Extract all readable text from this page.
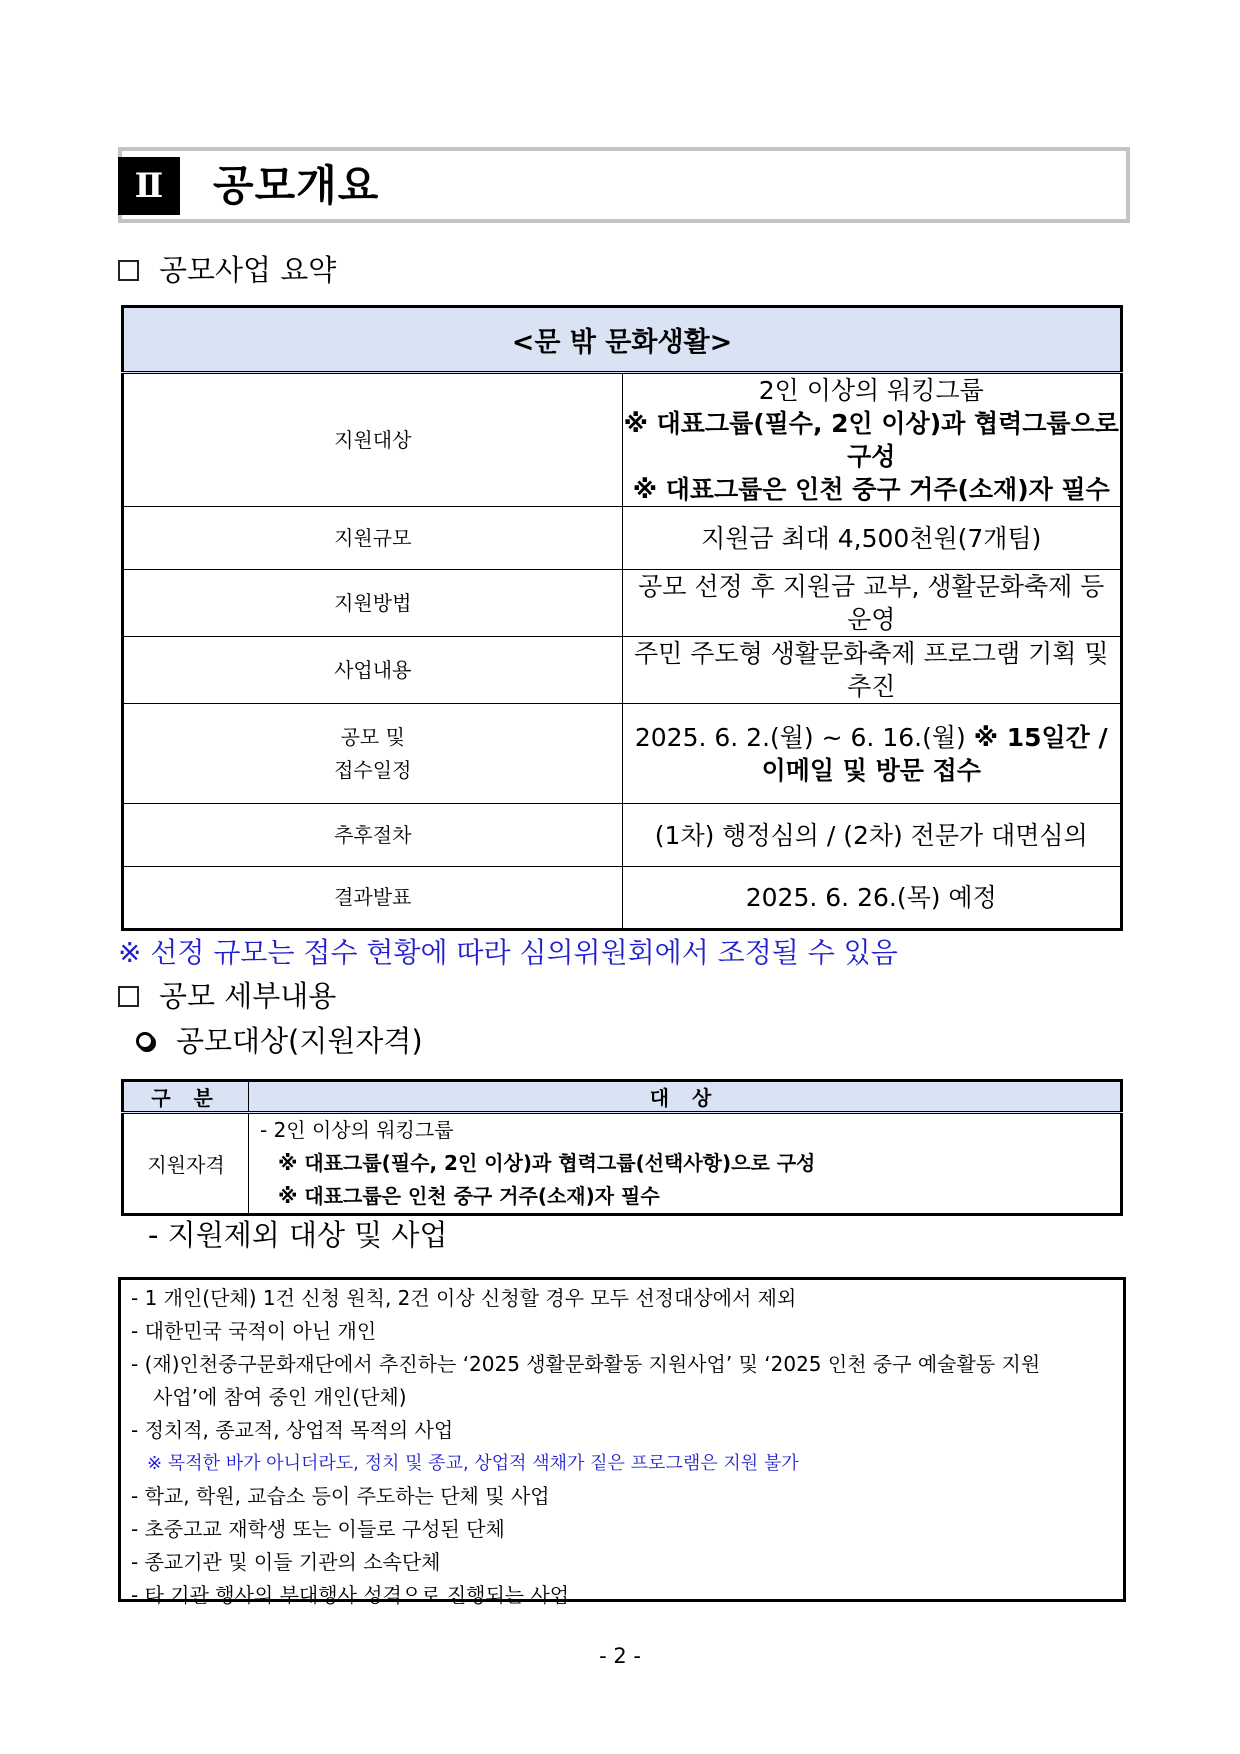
Ⅱ	공모개요
공모사업 요약
<문 밖 문화생활>	
지원대상	2인 이상의 워킹그룹
※ 대표그룹(필수, 2인 이상)과 협력그룹으로 구성
※ 대표그룹은 인천 중구 거주(소재)자 필수

지원규모	지원금 최대 4,500천원(7개팀)
지원방법	공모 선정 후 지원금 교부, 생활문화축제 등 운영
사업내용	주민 주도형 생활문화축제 프로그램 기획 및 추진

공모 및
접수일정	2025. 6. 2.(월) ~ 6. 16.(월) ※ 15일간 / 이메일 및 방문 접수
추후절차	(1차) 행정심의 / (2차) 전문가 대면심의
결과발표	2025. 6. 26.(목) 예정
※ 선정 규모는 접수 현황에 따라 심의위원회에서 조정될 수 있음
공모 세부내용
공모대상(지원자격)
구 분	대 상
지원자격	- 2인 이상의 워킹그룹
※ 대표그룹(필수, 2인 이상)과 협력그룹(선택사항)으로 구성
※ 대표그룹은 인천 중구 거주(소재)자 필수
- 지원제외 대상 및 사업
- 1 개인(단체) 1건 신청 원칙, 2건 이상 신청할 경우 모두 선정대상에서 제외
- 대한민국 국적이 아닌 개인
- (재)인천중구문화재단에서 추진하는 ‘2025 생활문화활동 지원사업’ 및 ‘2025 인천 중구 예술활동 지원
사업’에 참여 중인 개인(단체)
- 정치적, 종교적, 상업적 목적의 사업
※ 목적한 바가 아니더라도, 정치 및 종교, 상업적 색채가 짙은 프로그램은 지원 불가
- 학교, 학원, 교습소 등이 주도하는 단체 및 사업
- 초중고교 재학생 또는 이들로 구성된 단체
- 종교기관 및 이들 기관의 소속단체
- 타 기관 행사의 부대행사 성격으로 진행되는 사업
- 2 -
